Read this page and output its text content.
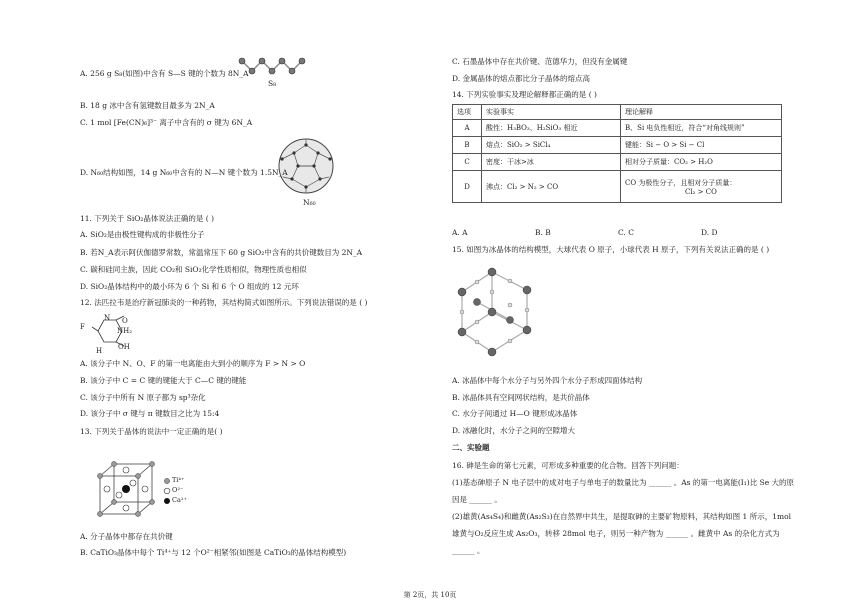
A. 256 g S₈(如图)中含有 S—S 键的个数为 8N_A
S₈
B. 18 g 冰中含有氢键数目最多为 2N_A
C. 1 mol [Fe(CN)₆]³⁻ 离子中含有的 σ 键为 6N_A
N₆₀
D. N₆₀结构如图，14 g N₆₀中含有的 N—N 键个数为 1.5N_A
11. 下列关于 SiO₂晶体说法正确的是 ( )
A. SiO₂是由极性键构成的非极性分子
B. 若N_A表示阿伏伽德罗常数，常温常压下 60 g SiO₂中含有的共价键数目为 2N_A
C. 碳和硅同主族，因此 CO₂和 SiO₂化学性质相似，物理性质也相似
D. SiO₂晶体结构中的最小环为 6 个 Si 和 6 个 O 组成的 12 元环
12. 法匹拉韦是治疗新冠肺炎的一种药物，其结构简式如图所示。下列说法错误的是 ( )
F
N
NH₂
O
OH
H
A. 该分子中 N、O、F 的第一电离能由大到小的顺序为 F > N > O
B. 该分子中 C = C 键的键能大于 C—C 键的键能
C. 该分子中所有 N 原子都为 sp³杂化
D. 该分子中 σ 键与 π 键数目之比为 15:4
13. 下列关于晶体的说法中一定正确的是( )
Ti⁴⁺
O²⁻
Ca²⁺
A. 分子晶体中都存在共价键
B. CaTiO₃晶体中每个 Ti⁴⁺与 12 个O²⁻相紧邻(如图是 CaTiO₃的晶体结构模型)
C. 石墨晶体中存在共价键、范德华力，但没有金属键
D. 金属晶体的熔点都比分子晶体的熔点高
14. 下列实验事实及理论解释都正确的是 ( )
选项	实验事实	理论解释
A	酸性：H₃BO₃、H₂SiO₃ 相近	B、Si 电负性相近，符合“对角线规则”
B	熔点：SiO₂ > SiCl₄	键能：Si − O > Si − Cl
C	密度：干冰>冰	相对分子质量：CO₂ > H₂O
D	沸点：Cl₂ > N₂ > CO	CO 为极性分子，且相对分子质量：
Cl₂ > CO
A. A	B. B	C. C	D. D
15. 如图为冰晶体的结构模型，大球代表 O 原子，小球代表 H 原子，下列有关说法正确的是 ( )
A. 冰晶体中每个水分子与另外四个水分子形成四面体结构
B. 冰晶体具有空间网状结构，是共价晶体
C. 水分子间通过 H—O 键形成冰晶体
D. 冰融化时，水分子之间的空隙增大
二、实验题
16. 砷是生命的第七元素，可形成多种重要的化合物。回答下列问题：
(1)基态砷原子 N 电子层中的成对电子与单电子的数量比为 ______ 。As 的第一电离能(I₁)比 Se 大的原
因是 ______ 。
(2)雄黄(As₄S₄)和雌黄(As₂S₃)在自然界中共生，是提取砷的主要矿物原料，其结构如图 1 所示，1mol
雄黄与O₂反应生成 As₂O₃，转移 28mol 电子，则另一种产物为 ______ 。雌黄中 As 的杂化方式为
______ 。
第 2页，共 10页
